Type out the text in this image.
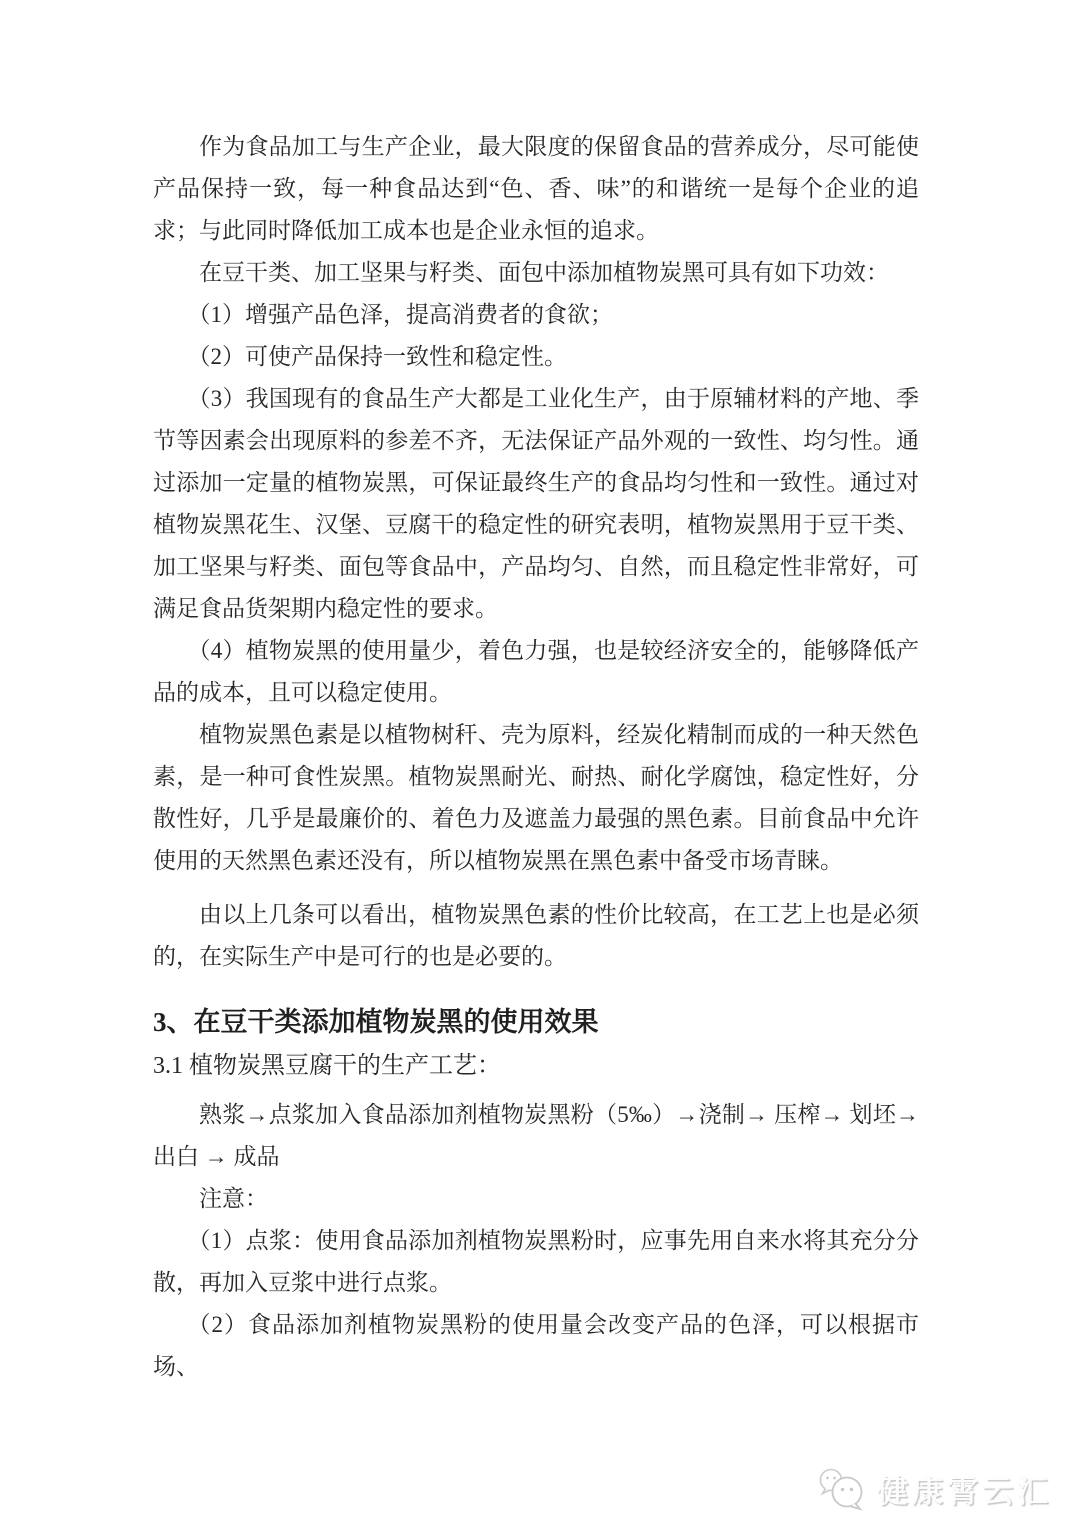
作为食品加工与生产企业，最大限度的保留食品的营养成分，尽可能使产品保持一致，每一种食品达到“色、香、味”的和谐统一是每个企业的追求；与此同时降低加工成本也是企业永恒的追求。

在豆干类、加工坚果与籽类、面包中添加植物炭黑可具有如下功效：

（1）增强产品色泽，提高消费者的食欲；

（2）可使产品保持一致性和稳定性。

（3）我国现有的食品生产大都是工业化生产，由于原辅材料的产地、季节等因素会出现原料的参差不齐，无法保证产品外观的一致性、均匀性。通过添加一定量的植物炭黑，可保证最终生产的食品均匀性和一致性。通过对植物炭黑花生、汉堡、豆腐干的稳定性的研究表明，植物炭黑用于豆干类、加工坚果与籽类、面包等食品中，产品均匀、自然，而且稳定性非常好，可满足食品货架期内稳定性的要求。

（4）植物炭黑的使用量少，着色力强，也是较经济安全的，能够降低产品的成本，且可以稳定使用。

植物炭黑色素是以植物树秆、壳为原料，经炭化精制而成的一种天然色素，是一种可食性炭黑。植物炭黑耐光、耐热、耐化学腐蚀，稳定性好，分散性好，几乎是最廉价的、着色力及遮盖力最强的黑色素。目前食品中允许使用的天然黑色素还没有，所以植物炭黑在黑色素中备受市场青睐。

由以上几条可以看出，植物炭黑色素的性价比较高，在工艺上也是必须的，在实际生产中是可行的也是必要的。

3、在豆干类添加植物炭黑的使用效果

3.1 植物炭黑豆腐干的生产工艺：

熟浆→点浆加入食品添加剂植物炭黑粉（5‰）→浇制→ 压榨→ 划坯→出白 → 成品

注意：

（1）点浆：使用食品添加剂植物炭黑粉时，应事先用自来水将其充分分散，再加入豆浆中进行点浆。

（2）食品添加剂植物炭黑粉的使用量会改变产品的色泽，可以根据市场、

健康霄云汇
